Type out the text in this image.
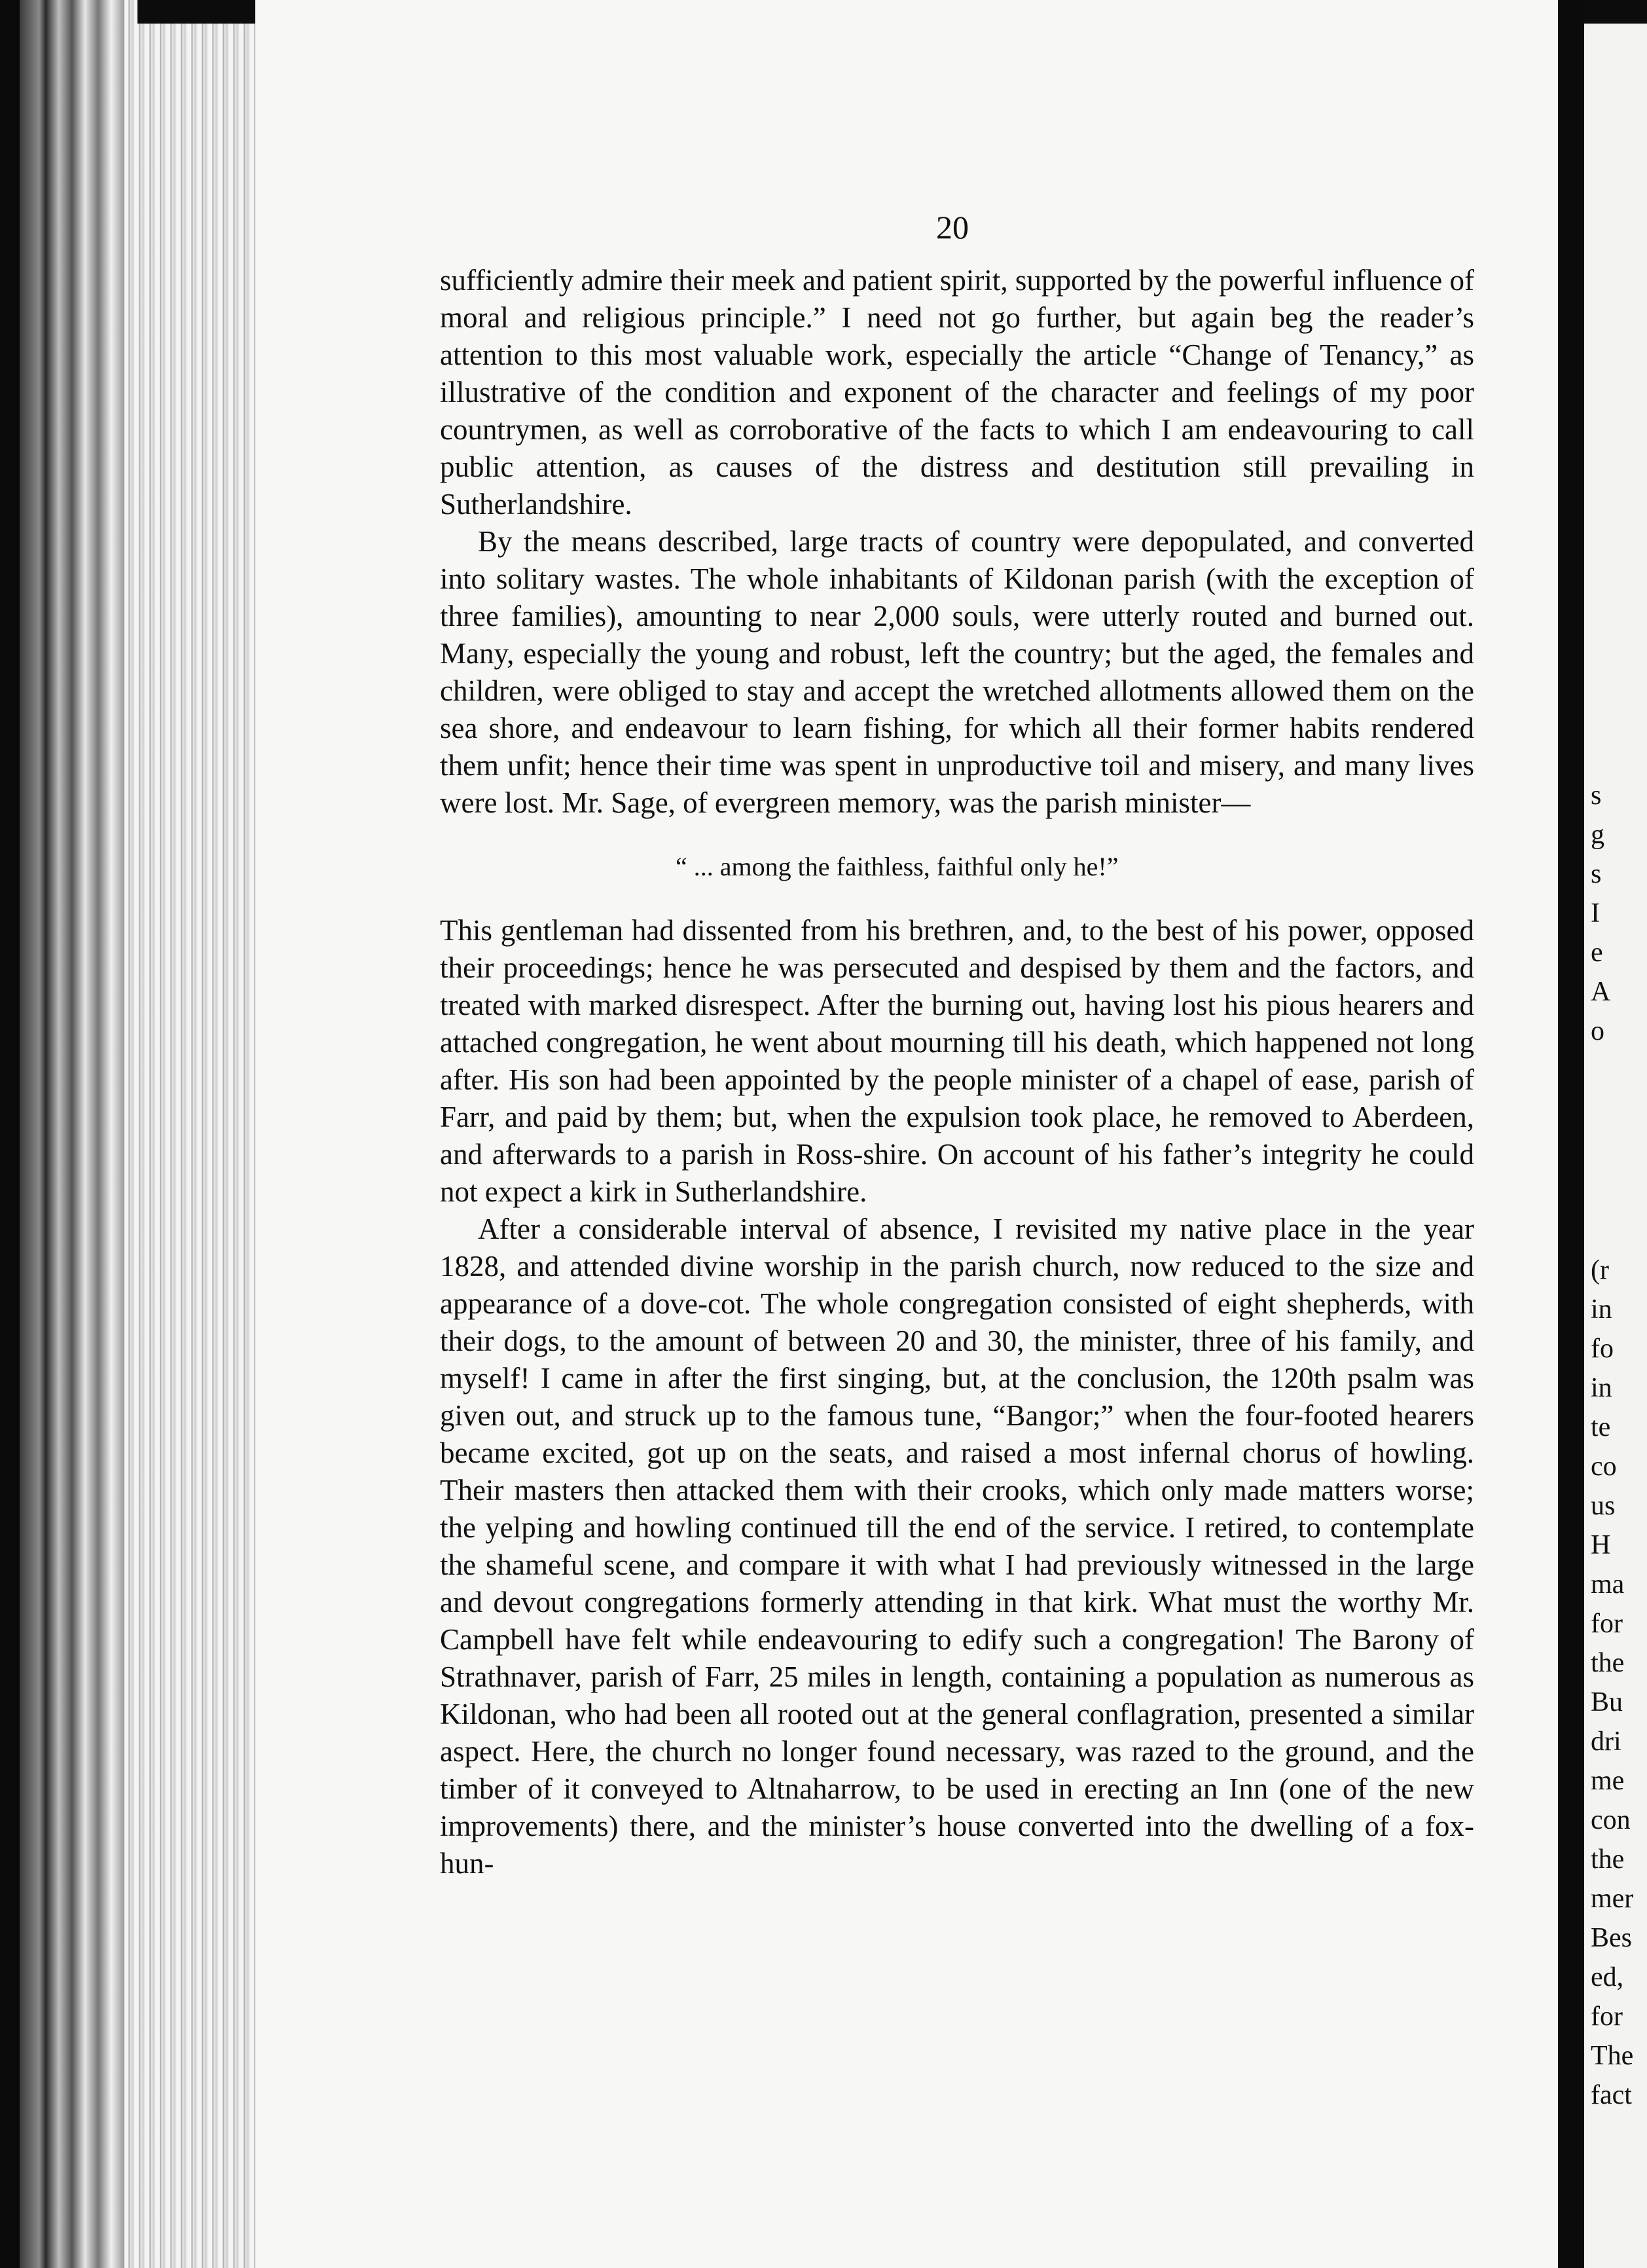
20

sufficiently admire their meek and patient spirit, supported by the powerful influence of moral and religious principle.” I need not go further, but again beg the reader’s attention to this most valuable work, especially the article “Change of Tenancy,” as illustrative of the condition and exponent of the character and feelings of my poor countrymen, as well as corroborative of the facts to which I am endeavouring to call public attention, as causes of the distress and destitution still prevailing in Sutherlandshire.

By the means described, large tracts of country were depopulated, and converted into solitary wastes. The whole inhabitants of Kildonan parish (with the exception of three families), amounting to near 2,000 souls, were utterly routed and burned out. Many, especially the young and robust, left the country; but the aged, the females and children, were obliged to stay and accept the wretched allotments allowed them on the sea shore, and endeavour to learn fishing, for which all their former habits rendered them unfit; hence their time was spent in unproductive toil and misery, and many lives were lost. Mr. Sage, of evergreen memory, was the parish minister—

“ ... among the faithless, faithful only he!”

This gentleman had dissented from his brethren, and, to the best of his power, opposed their proceedings; hence he was persecuted and despised by them and the factors, and treated with marked disrespect. After the burning out, having lost his pious hearers and attached congregation, he went about mourning till his death, which happened not long after. His son had been appointed by the people minister of a chapel of ease, parish of Farr, and paid by them; but, when the expulsion took place, he removed to Aberdeen, and afterwards to a parish in Ross-shire. On account of his father’s integrity he could not expect a kirk in Sutherlandshire.

After a considerable interval of absence, I revisited my native place in the year 1828, and attended divine worship in the parish church, now reduced to the size and appearance of a dove-cot. The whole congregation consisted of eight shepherds, with their dogs, to the amount of between 20 and 30, the minister, three of his family, and myself! I came in after the first singing, but, at the conclusion, the 120th psalm was given out, and struck up to the famous tune, “Bangor;” when the four-footed hearers became excited, got up on the seats, and raised a most infernal chorus of howling. Their masters then attacked them with their crooks, which only made matters worse; the yelping and howling continued till the end of the service. I retired, to contemplate the shameful scene, and compare it with what I had previously witnessed in the large and devout congregations formerly attending in that kirk. What must the worthy Mr. Campbell have felt while endeavouring to edify such a congregation! The Barony of Strathnaver, parish of Farr, 25 miles in length, containing a population as numerous as Kildonan, who had been all rooted out at the general conflagration, presented a similar aspect. Here, the church no longer found necessary, was razed to the ground, and the timber of it conveyed to Altnaharrow, to be used in erecting an Inn (one of the new improvements) there, and the minister’s house converted into the dwelling of a fox-hun-

s
g
s
I
e
A
o
(r
in
fo
in
te
co
us
H
ma
for
the
Bu
dri
me
con
the
mer
Bes
ed,
for
The
fact
